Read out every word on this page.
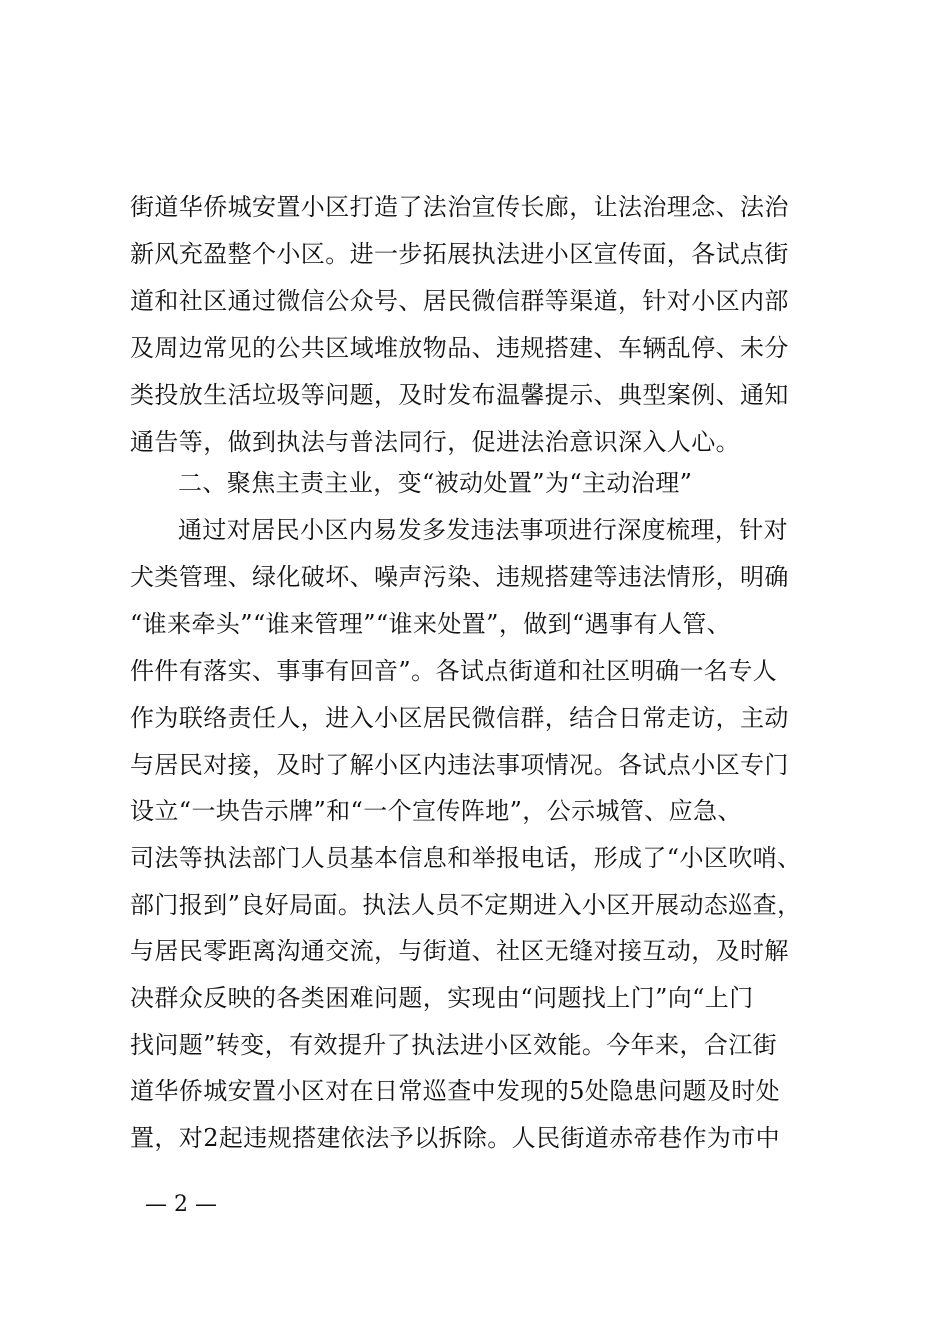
街道华侨城安置小区打造了法治宣传长廊，让法治理念、法治
新风充盈整个小区。进一步拓展执法进小区宣传面，各试点街
道和社区通过微信公众号、居民微信群等渠道，针对小区内部
及周边常见的公共区域堆放物品、违规搭建、车辆乱停、未分
类投放生活垃圾等问题，及时发布温馨提示、典型案例、通知
通告等，做到执法与普法同行，促进法治意识深入人心。
二、聚焦主责主业，变“被动处置”为“主动治理”
通过对居民小区内易发多发违法事项进行深度梳理，针对
犬类管理、绿化破坏、噪声污染、违规搭建等违法情形，明确
“谁来牵头”“谁来管理”“谁来处置”，做到“遇事有人管、
件件有落实、事事有回音”。各试点街道和社区明确一名专人
作为联络责任人，进入小区居民微信群，结合日常走访，主动
与居民对接，及时了解小区内违法事项情况。各试点小区专门
设立“一块告示牌”和“一个宣传阵地”，公示城管、应急、
司法等执法部门人员基本信息和举报电话，形成了“小区吹哨、
部门报到”良好局面。执法人员不定期进入小区开展动态巡查，
与居民零距离沟通交流，与街道、社区无缝对接互动，及时解
决群众反映的各类困难问题，实现由“问题找上门”向“上门
找问题”转变，有效提升了执法进小区效能。今年来，合江街
道华侨城安置小区对在日常巡查中发现的5处隐患问题及时处
置，对2起违规搭建依法予以拆除。人民街道赤帝巷作为市中
— 2 —
